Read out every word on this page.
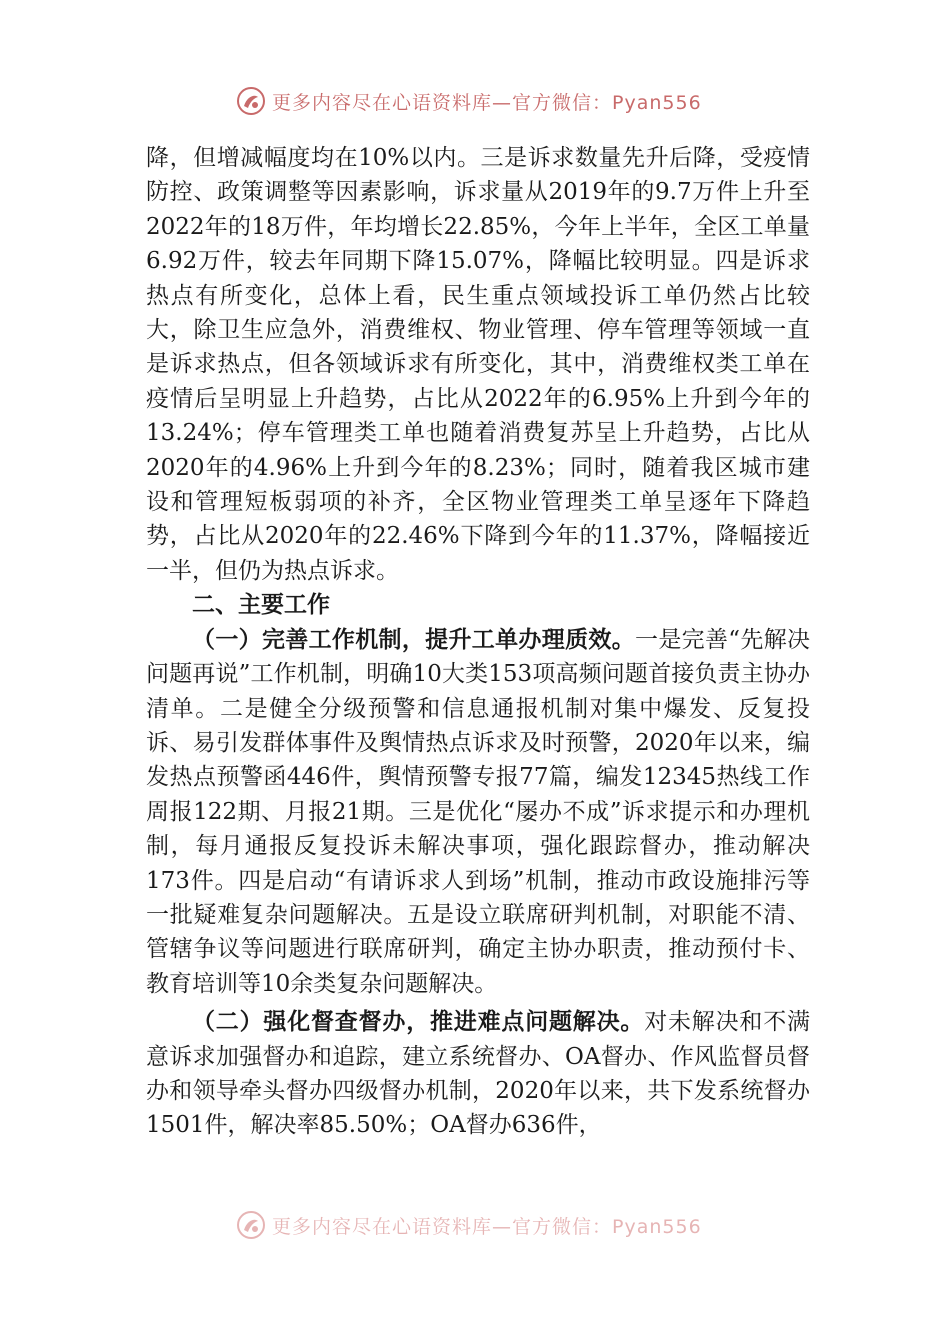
更多内容尽在心语资料库—官方微信：Pyan556

降，但增减幅度均在10%以内。三是诉求数量先升后降，受疫情防控、政策调整等因素影响，诉求量从2019年的9.7万件上升至2022年的18万件，年均增长22.85%，今年上半年，全区工单量6.92万件，较去年同期下降15.07%，降幅比较明显。四是诉求热点有所变化，总体上看，民生重点领域投诉工单仍然占比较大，除卫生应急外，消费维权、物业管理、停车管理等领域一直是诉求热点，但各领域诉求有所变化，其中，消费维权类工单在疫情后呈明显上升趋势，占比从2022年的6.95%上升到今年的13.24%；停车管理类工单也随着消费复苏呈上升趋势，占比从2020年的4.96%上升到今年的8.23%；同时，随着我区城市建设和管理短板弱项的补齐，全区物业管理类工单呈逐年下降趋势，占比从2020年的22.46%下降到今年的11.37%，降幅接近一半，但仍为热点诉求。

二、主要工作

（一）完善工作机制，提升工单办理质效。一是完善“先解决问题再说”工作机制，明确10大类153项高频问题首接负责主协办清单。二是健全分级预警和信息通报机制对集中爆发、反复投诉、易引发群体事件及舆情热点诉求及时预警，2020年以来，编发热点预警函446件，舆情预警专报77篇，编发12345热线工作周报122期、月报21期。三是优化“屡办不成”诉求提示和办理机制，每月通报反复投诉未解决事项，强化跟踪督办，推动解决173件。四是启动“有请诉求人到场”机制，推动市政设施排污等一批疑难复杂问题解决。五是设立联席研判机制，对职能不清、管辖争议等问题进行联席研判，确定主协办职责，推动预付卡、教育培训等10余类复杂问题解决。

（二）强化督查督办，推进难点问题解决。对未解决和不满意诉求加强督办和追踪，建立系统督办、OA督办、作风监督员督办和领导牵头督办四级督办机制，2020年以来，共下发系统督办1501件，解决率85.50%；OA督办636件，

更多内容尽在心语资料库—官方微信：Pyan556
